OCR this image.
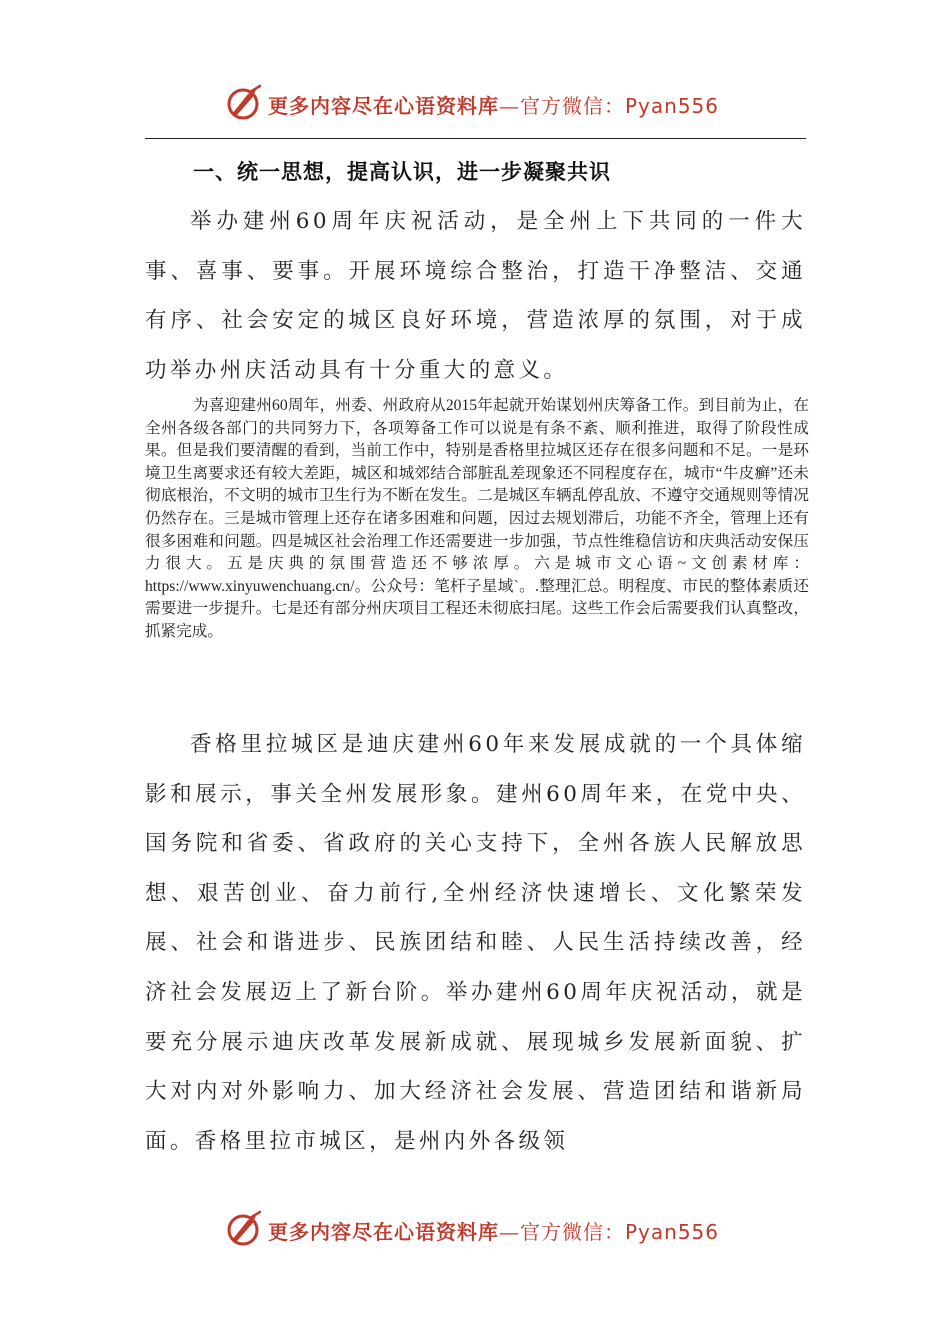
更多内容尽在心语资料库—官方微信：Pyan556
一、统一思想，提高认识，进一步凝聚共识

举办建州60周年庆祝活动，是全州上下共同的一件大事、喜事、要事。开展环境综合整治，打造干净整洁、交通有序、社会安定的城区良好环境，营造浓厚的氛围，对于成功举办州庆活动具有十分重大的意义。

为喜迎建州60周年，州委、州政府从2015年起就开始谋划州庆筹备工作。到目前为止，在全州各级各部门的共同努力下，各项筹备工作可以说是有条不紊、顺利推进，取得了阶段性成果。但是我们要清醒的看到，当前工作中，特别是香格里拉城区还存在很多问题和不足。一是环境卫生离要求还有较大差距，城区和城郊结合部脏乱差现象还不同程度存在，城市“牛皮癣”还未彻底根治，不文明的城市卫生行为不断在发生。二是城区车辆乱停乱放、不遵守交通规则等情况仍然存在。三是城市管理上还存在诸多困难和问题，因过去规划滞后，功能不齐全，管理上还有很多困难和问题。四是城区社会治理工作还需要进一步加强，节点性维稳信访和庆典活动安保压力很大。五是庆典的氛围营造还不够浓厚。六是城市文心语~文创素材库：https://www.xinyuwenchuang.cn/。公众号：笔杆子星域`。.整理汇总。明程度、市民的整体素质还需要进一步提升。七是还有部分州庆项目工程还未彻底扫尾。这些工作会后需要我们认真整改，抓紧完成。

香格里拉城区是迪庆建州60年来发展成就的一个具体缩影和展示，事关全州发展形象。建州60周年来，在党中央、国务院和省委、省政府的关心支持下，全州各族人民解放思想、艰苦创业、奋力前行,全州经济快速增长、文化繁荣发展、社会和谐进步、民族团结和睦、人民生活持续改善，经济社会发展迈上了新台阶。举办建州60周年庆祝活动，就是要充分展示迪庆改革发展新成就、展现城乡发展新面貌、扩大对内对外影响力、加大经济社会发展、营造团结和谐新局面。香格里拉市城区，是州内外各级领

更多内容尽在心语资料库—官方微信：Pyan556
